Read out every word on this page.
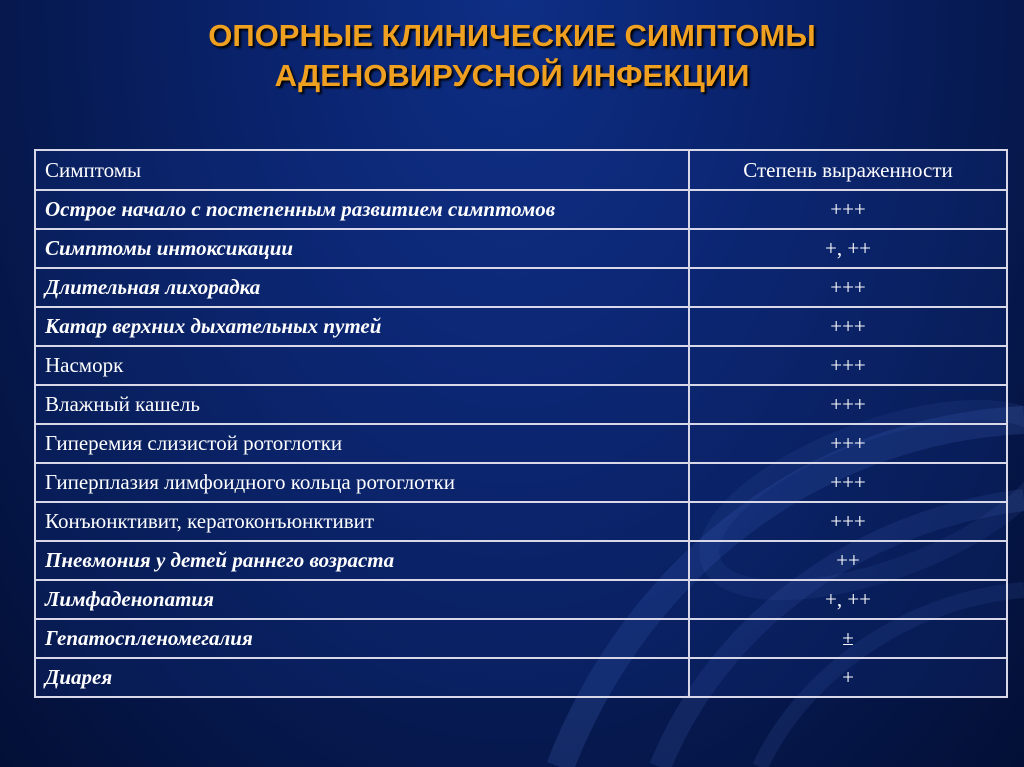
ОПОРНЫЕ КЛИНИЧЕСКИЕ СИМПТОМЫ
АДЕНОВИРУСНОЙ ИНФЕКЦИИ
Симптомы	Степень выраженности
Острое начало с постепенным развитием симптомов	+++
Симптомы интоксикации	+, ++
Длительная лихорадка	+++
Катар верхних дыхательных путей	+++
Насморк	+++
Влажный кашель	+++
Гиперемия слизистой ротоглотки	+++
Гиперплазия лимфоидного кольца ротоглотки	+++
Конъюнктивит, кератоконъюнктивит	+++
Пневмония у детей раннего возраста	++
Лимфаденопатия	+, ++
Гепатоспленомегалия	±
Диарея	+
